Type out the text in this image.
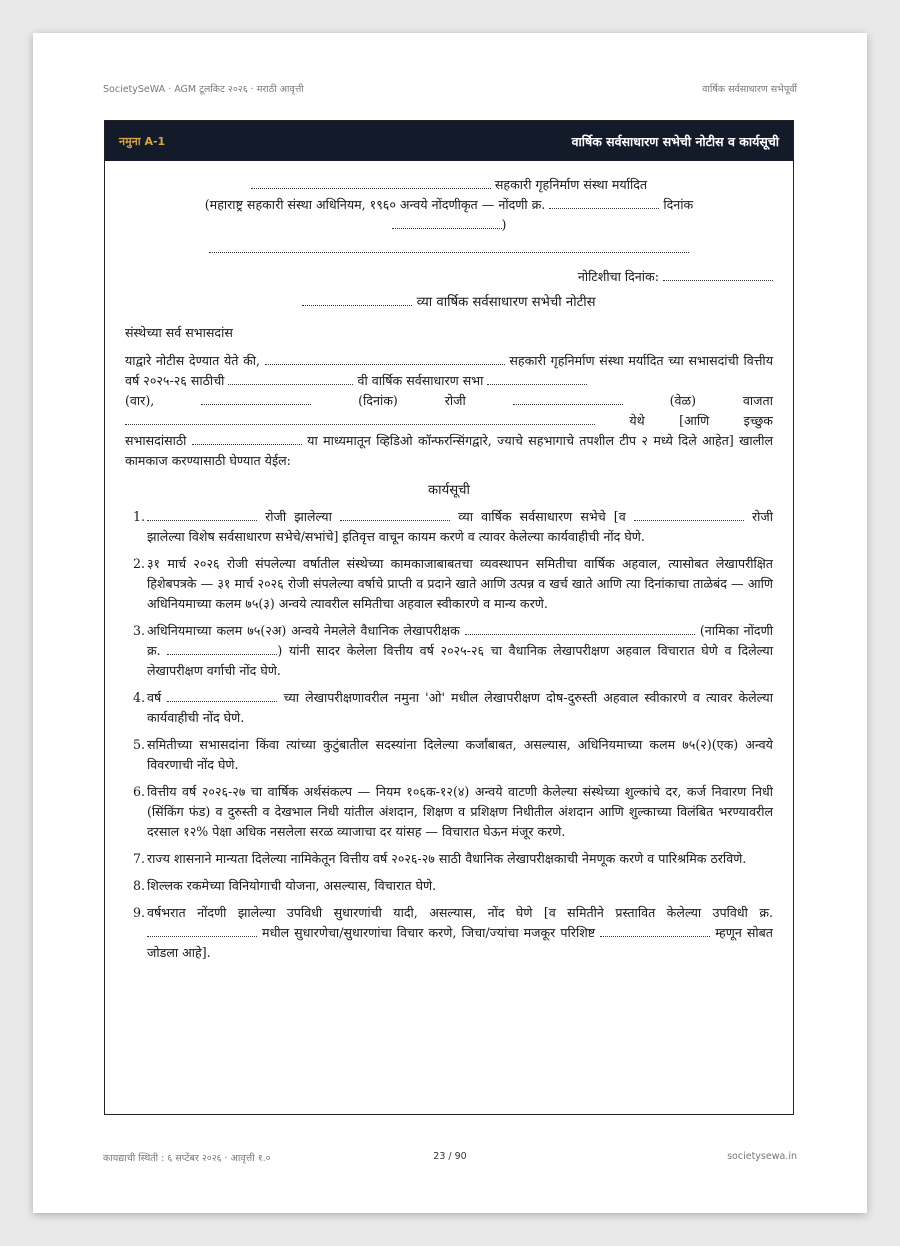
SocietySeWA · AGM टूलकिट २०२६ · मराठी आवृत्ती	वार्षिक सर्वसाधारण सभेपूर्वी
नमुना A-1	वार्षिक सर्वसाधारण सभेची नोटीस व कार्यसूची

सहकारी गृहनिर्माण संस्था मर्यादित

(महाराष्ट्र सहकारी संस्था अधिनियम, १९६० अन्वये नोंदणीकृत — नोंदणी क्र.	दिनांक

)

नोटिशीचा दिनांक:

व्या वार्षिक सर्वसाधारण सभेची नोटीस

संस्थेच्या सर्व सभासदांस

याद्वारे नोटीस देण्यात येते की,	सहकारी गृहनिर्माण संस्था मर्यादित च्या सभासदांची वित्तीय वर्ष २०२५-२६ साठीची	वी वार्षिक सर्वसाधारण सभा
(वार),	(दिनांक)	रोजी	(वेळ)	वाजता
येथे	[आणि	इच्छुक
सभासदांसाठी	या माध्यमातून व्हिडिओ कॉन्फरन्सिंगद्वारे, ज्याचे सहभागाचे तपशील टीप २ मध्ये दिले आहेत] खालील कामकाज करण्यासाठी घेण्यात येईल:

कार्यसूची

1.	रोजी झालेल्या	व्या वार्षिक सर्वसाधारण सभेचे [व	रोजी झालेल्या विशेष सर्वसाधारण सभेचे/सभांचे] इतिवृत्त वाचून कायम करणे व त्यावर केलेल्या कार्यवाहीची नोंद घेणे.
2. ३१ मार्च २०२६ रोजी संपलेल्या वर्षातील संस्थेच्या कामकाजाबाबतचा व्यवस्थापन समितीचा वार्षिक अहवाल, त्यासोबत लेखापरीक्षित हिशेबपत्रके — ३१ मार्च २०२६ रोजी संपलेल्या वर्षाचे प्राप्ती व प्रदाने खाते आणि उत्पन्न व खर्च खाते आणि त्या दिनांकाचा ताळेबंद — आणि अधिनियमाच्या कलम ७५(३) अन्वये त्यावरील समितीचा अहवाल स्वीकारणे व मान्य करणे.
3. अधिनियमाच्या कलम ७५(२अ) अन्वये नेमलेले वैधानिक लेखापरीक्षक	(नामिका नोंदणी क्र.	) यांनी सादर केलेला वित्तीय वर्ष २०२५-२६ चा वैधानिक लेखापरीक्षण अहवाल विचारात घेणे व दिलेल्या लेखापरीक्षण वर्गाची नोंद घेणे.
4. वर्ष	च्या लेखापरीक्षणावरील नमुना 'ओ' मधील लेखापरीक्षण दोष-दुरुस्ती अहवाल स्वीकारणे व त्यावर केलेल्या कार्यवाहीची नोंद घेणे.
5. समितीच्या सभासदांना किंवा त्यांच्या कुटुंबातील सदस्यांना दिलेल्या कर्जांबाबत, असल्यास, अधिनियमाच्या कलम ७५(२)(एक) अन्वये विवरणाची नोंद घेणे.
6. वित्तीय वर्ष २०२६-२७ चा वार्षिक अर्थसंकल्प — नियम १०६क-१२(४) अन्वये वाटणी केलेल्या संस्थेच्या शुल्कांचे दर, कर्ज निवारण निधी (सिंकिंग फंड) व दुरुस्ती व देखभाल निधी यांतील अंशदान, शिक्षण व प्रशिक्षण निधीतील अंशदान आणि शुल्काच्या विलंबित भरण्यावरील दरसाल १२% पेक्षा अधिक नसलेला सरळ व्याजाचा दर यांसह — विचारात घेऊन मंजूर करणे.
7. राज्य शासनाने मान्यता दिलेल्या नामिकेतून वित्तीय वर्ष २०२६-२७ साठी वैधानिक लेखापरीक्षकाची नेमणूक करणे व पारिश्रमिक ठरविणे.
8. शिल्लक रकमेच्या विनियोगाची योजना, असल्यास, विचारात घेणे.
9. वर्षभरात नोंदणी झालेल्या उपविधी सुधारणांची यादी, असल्यास, नोंद घेणे [व समितीने प्रस्तावित केलेल्या उपविधी क्र.  मधील सुधारणेचा/सुधारणांचा विचार करणे, जिचा/ज्यांचा मजकूर परिशिष्ट	म्हणून सोबत जोडला आहे].
कायद्याची स्थिती : ६ सप्टेंबर २०२६ · आवृत्ती १.०	23 / 90	societysewa.in
